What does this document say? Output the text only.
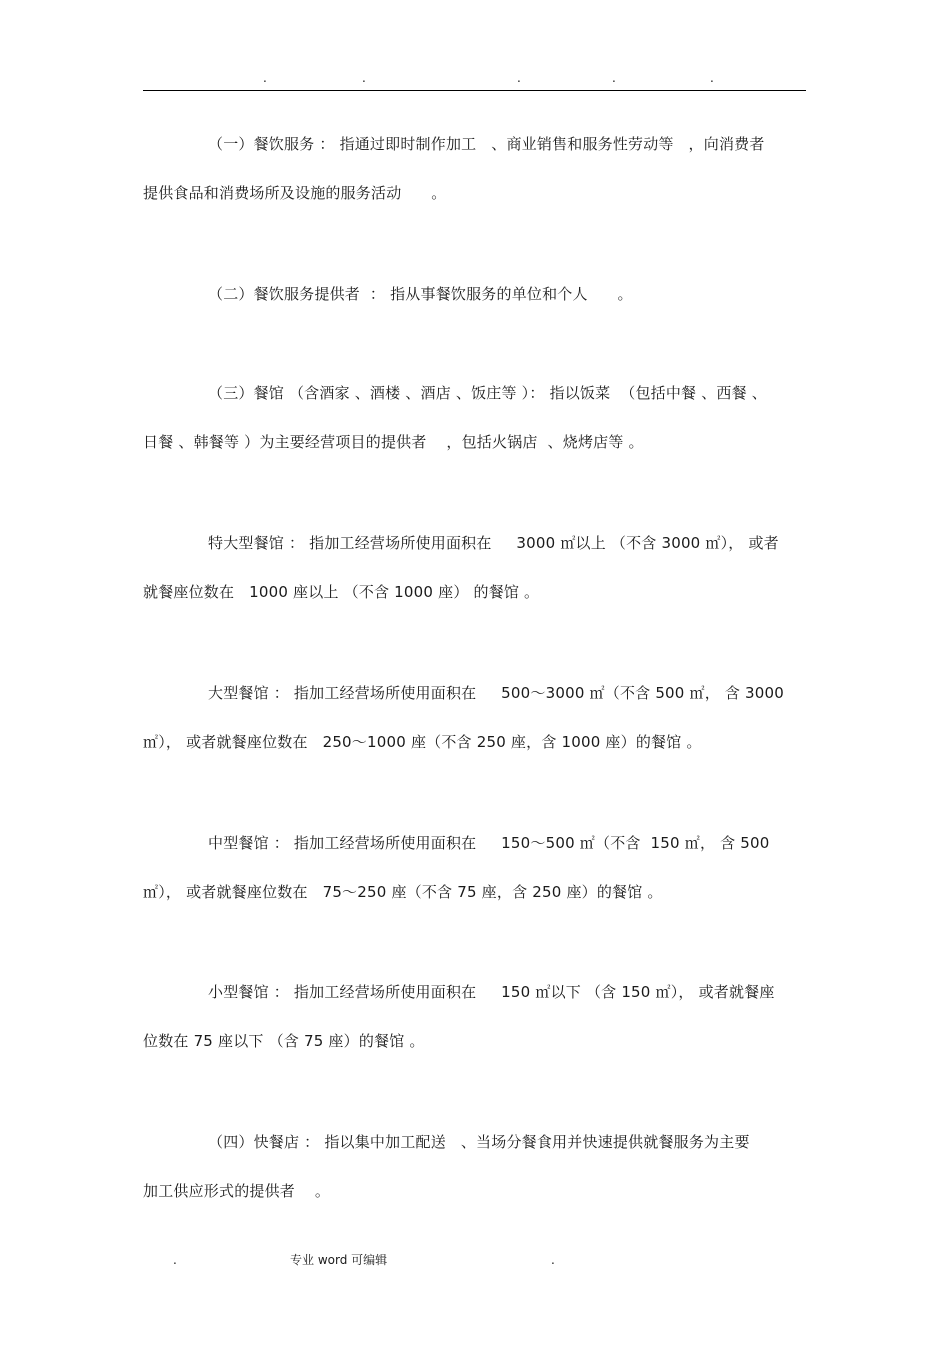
.	.	.	.	.
（一）餐饮服务 ： 指通过即时制作加工   、商业销售和服务性劳动等   ，向消费者
提供食品和消费场所及设施的服务活动      。
（二）餐饮服务提供者  ： 指从事餐饮服务的单位和个人      。
（三）餐馆 （含酒家 、酒楼 、酒店 、饭庄等 ）： 指以饭菜  （包括中餐 、西餐 、
日餐 、韩餐等 ）为主要经营项目的提供者    ，包括火锅店  、烧烤店等 。
特大型餐馆 ： 指加工经营场所使用面积在     3000 ㎡以上 （不含 3000 ㎡）， 或者
就餐座位数在   1000 座以上 （不含 1000 座） 的餐馆 。
大型餐馆 ： 指加工经营场所使用面积在     500～3000 ㎡（不含 500 ㎡， 含 3000
㎡）， 或者就餐座位数在   250～1000 座（不含 250 座，含 1000 座）的餐馆 。
中型餐馆 ： 指加工经营场所使用面积在     150～500 ㎡（不含  150 ㎡， 含 500
㎡）， 或者就餐座位数在   75～250 座（不含 75 座，含 250 座）的餐馆 。
小型餐馆 ： 指加工经营场所使用面积在     150 ㎡以下 （含 150 ㎡）， 或者就餐座
位数在 75 座以下 （含 75 座）的餐馆 。
（四）快餐店 ： 指以集中加工配送   、当场分餐食用并快速提供就餐服务为主要
加工供应形式的提供者    。
.	专业 word 可编辑	.
